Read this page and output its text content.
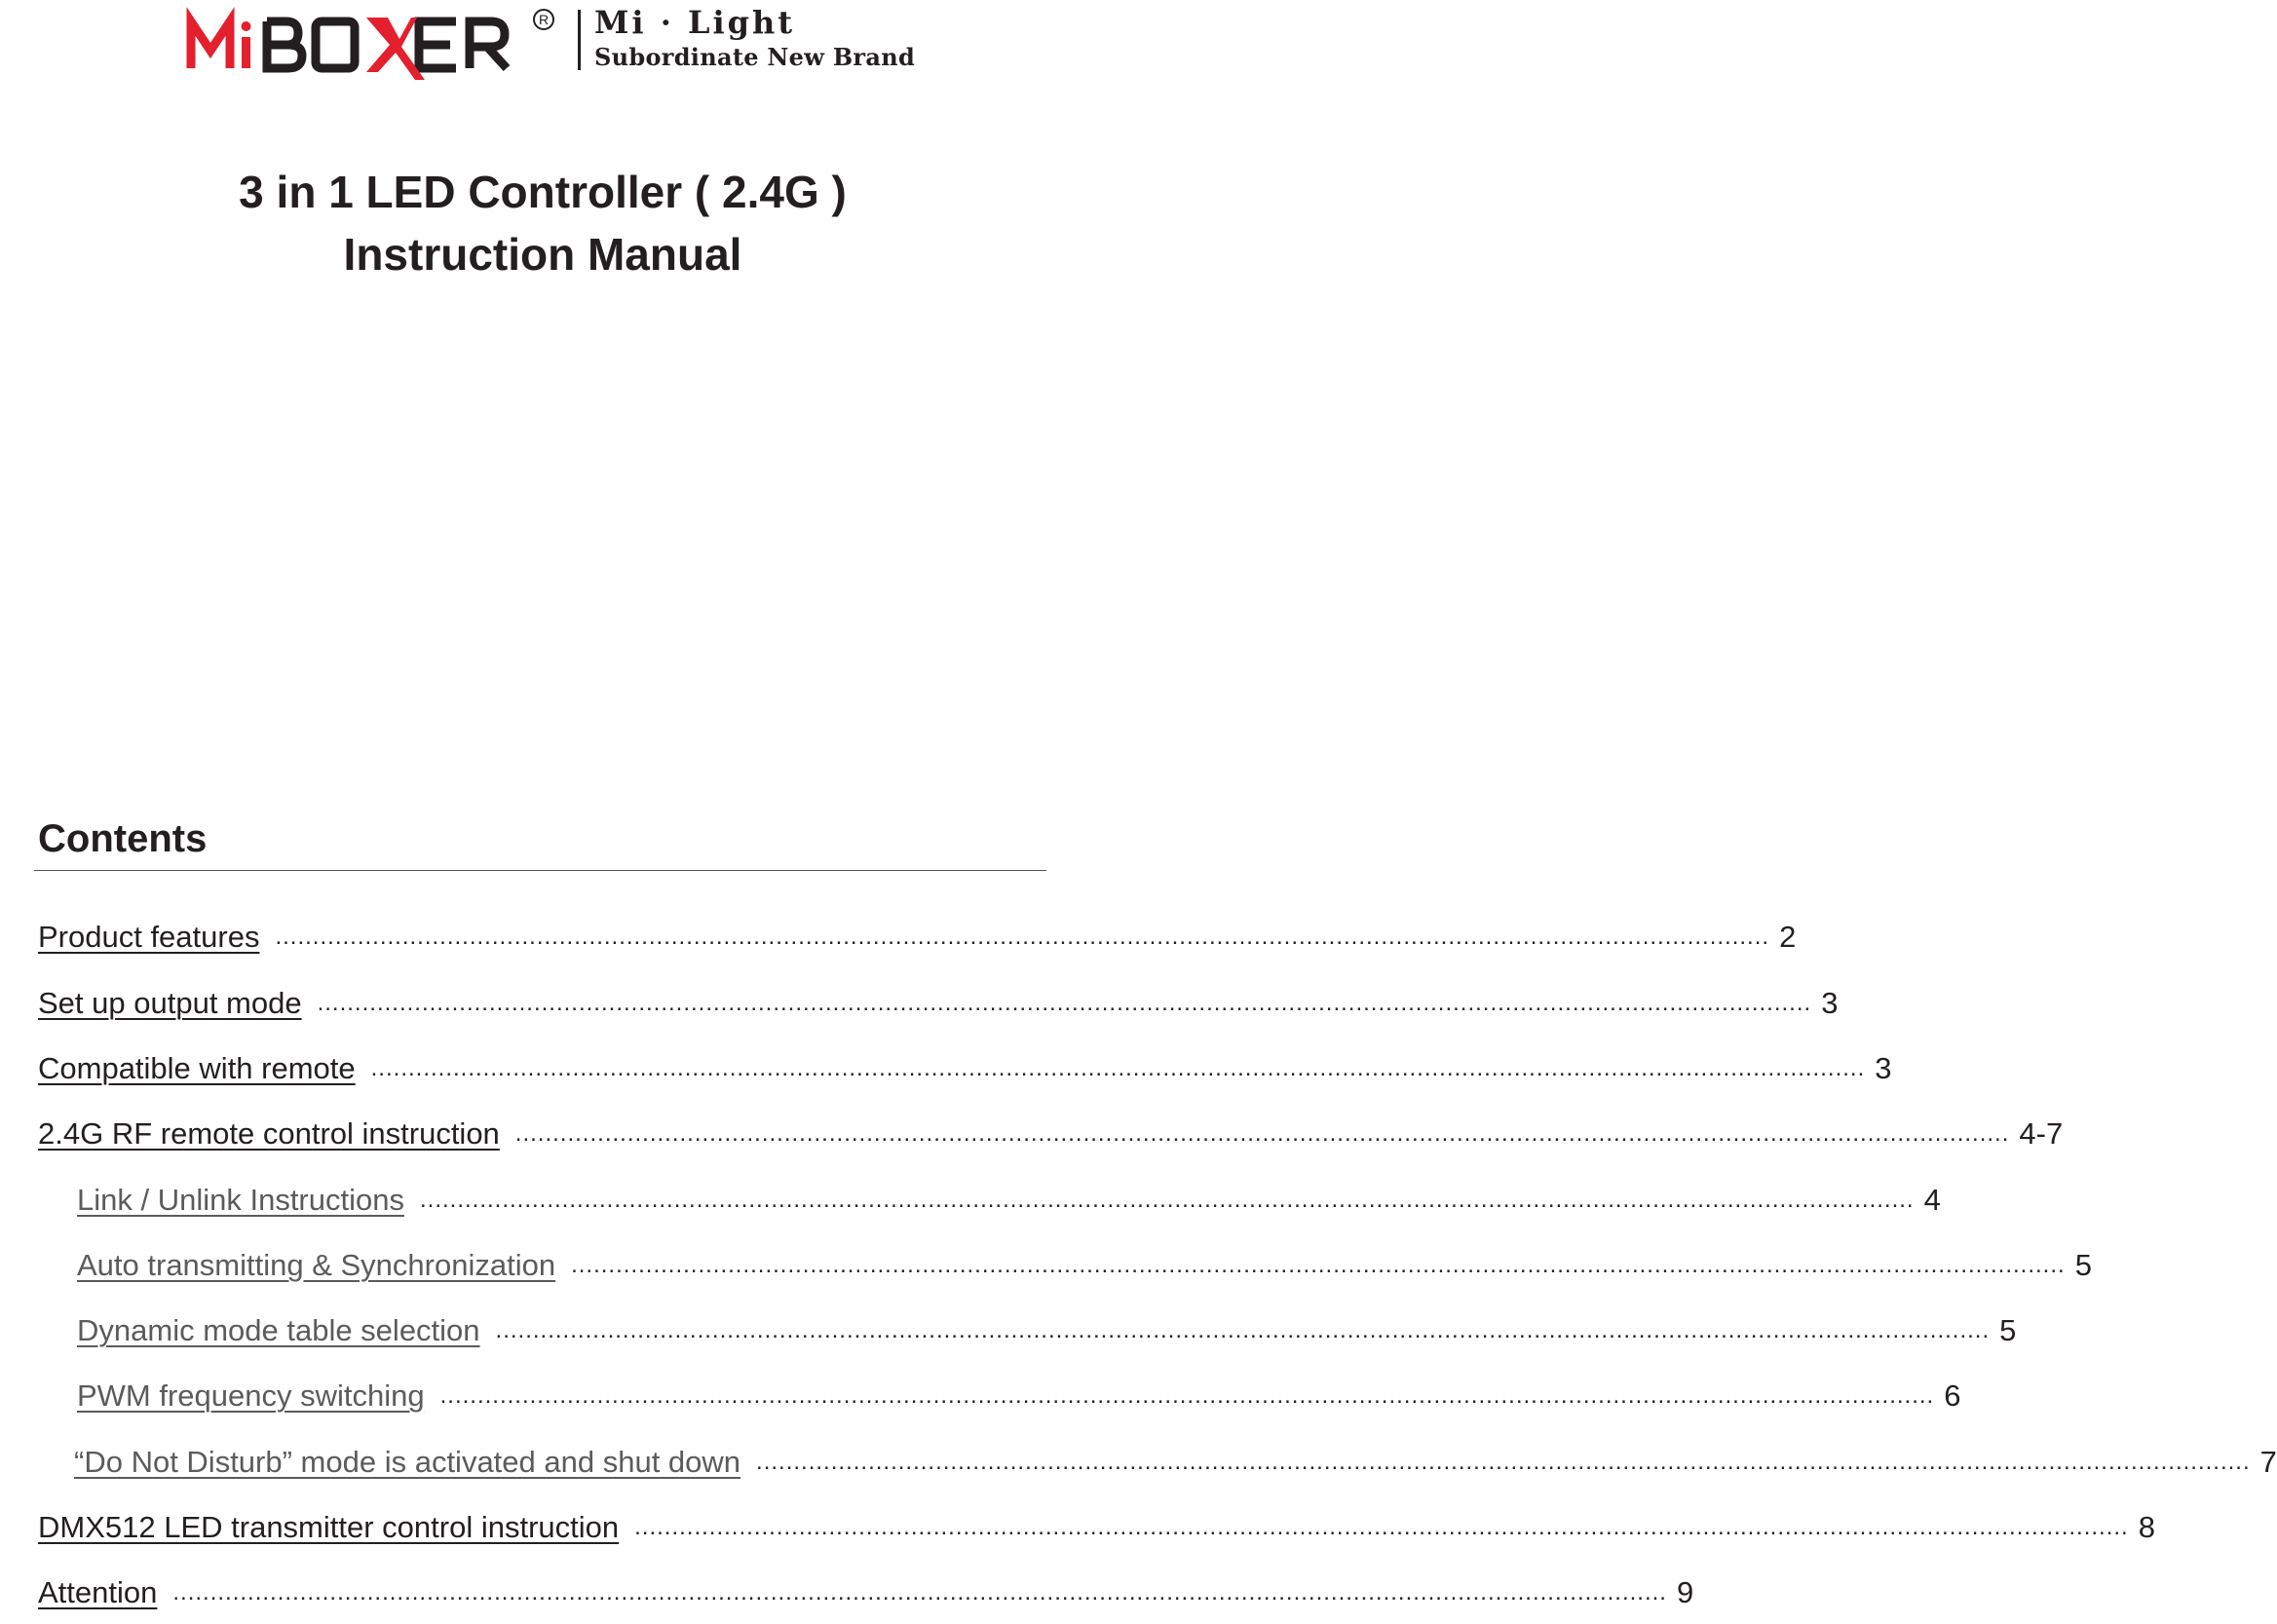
R Mi · Light
Subordinate New Brand
3 in 1 LED Controller ( 2.4G )
Instruction Manual
Contents
Product features ........................................................................................................................................................................................................ 2
Set up output mode ........................................................................................................................................................................................................ 3
Compatible with remote ........................................................................................................................................................................................................ 3
2.4G RF remote control instruction ........................................................................................................................................................................................................ 4-7
Link / Unlink Instructions ........................................................................................................................................................................................................ 4
Auto transmitting & Synchronization ........................................................................................................................................................................................................ 5
Dynamic mode table selection ........................................................................................................................................................................................................ 5
PWM frequency switching ........................................................................................................................................................................................................ 6
“Do Not Disturb” mode is activated and shut down ........................................................................................................................................................................................................ 7
DMX512 LED transmitter control instruction ........................................................................................................................................................................................................ 8
Attention ........................................................................................................................................................................................................ 9
